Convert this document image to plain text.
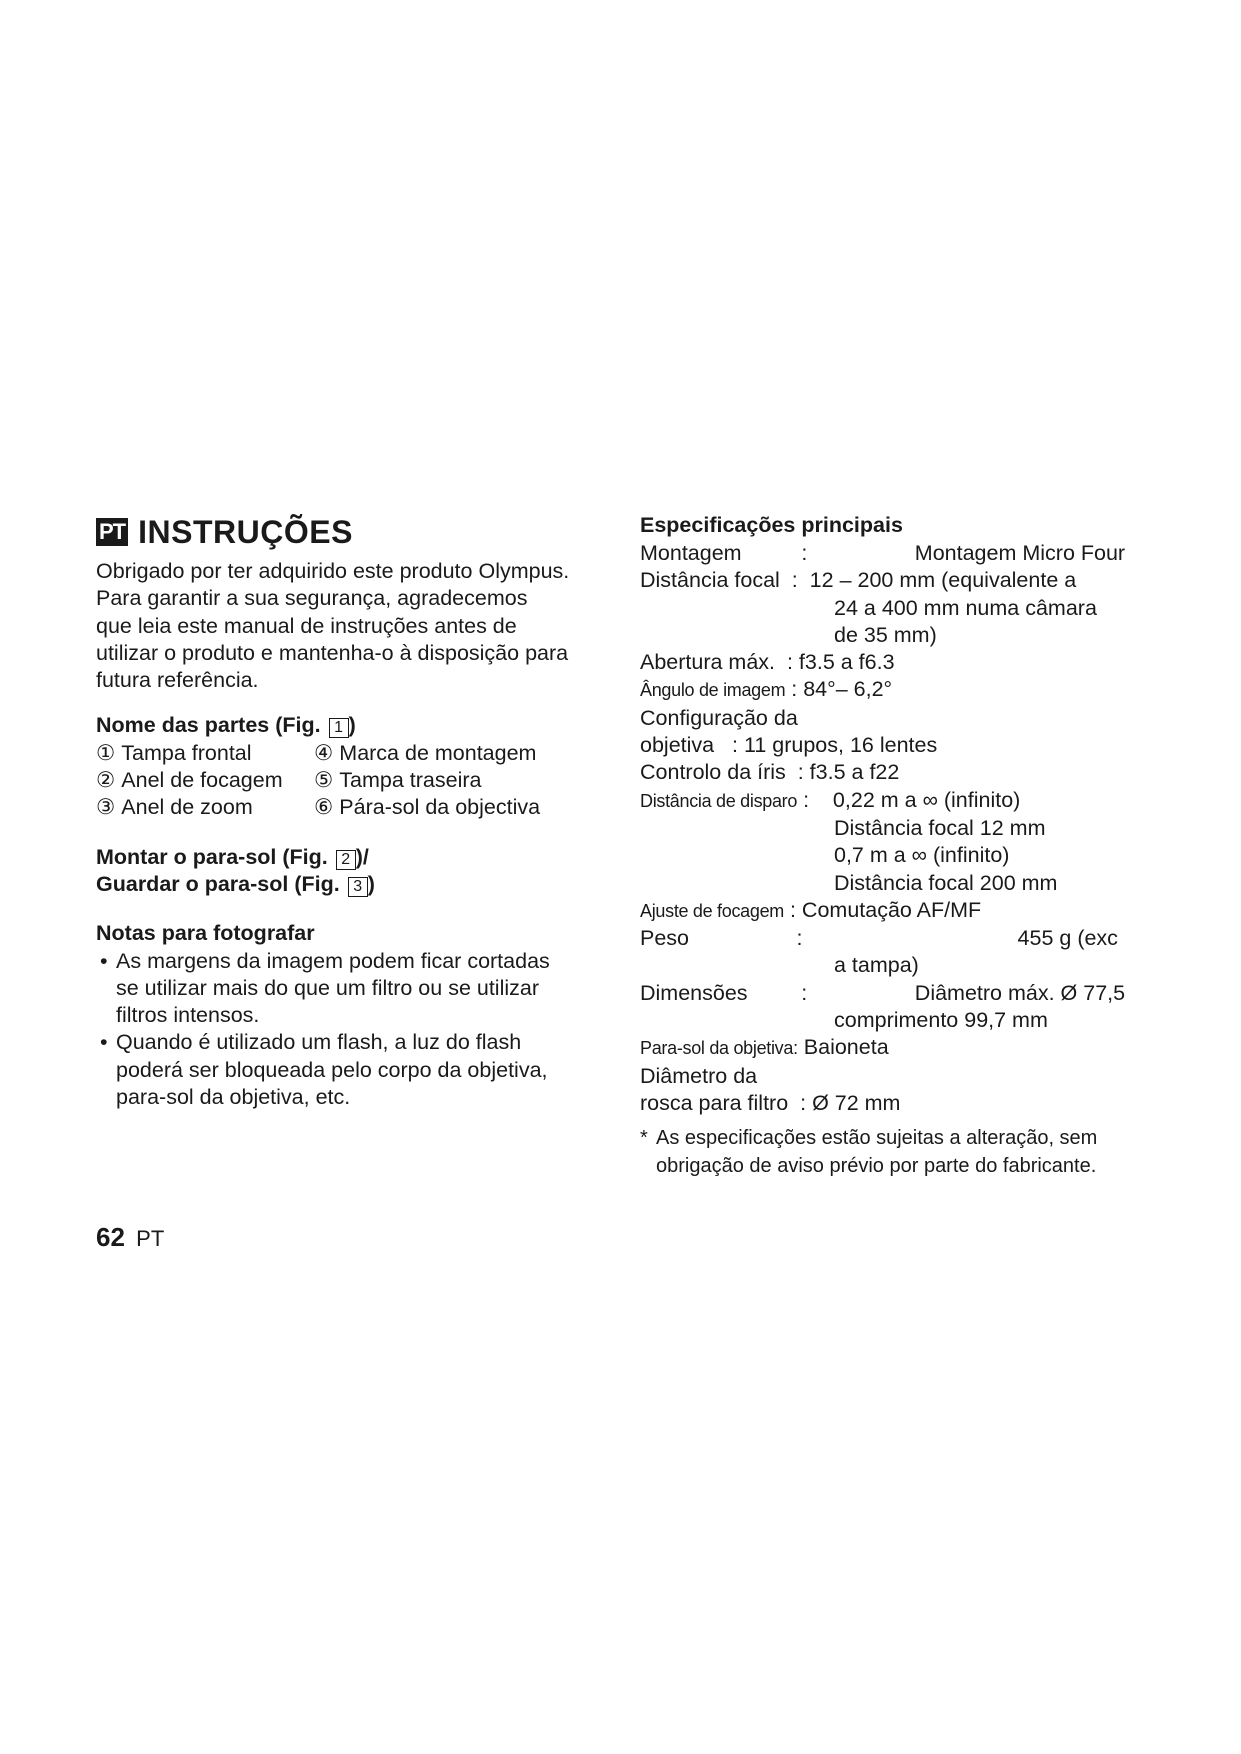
PT INSTRUÇÕES

Obrigado por ter adquirido este produto Olympus.

Para garantir a sua segurança, agradecemos

que leia este manual de instruções antes de

utilizar o produto e mantenha-o à disposição para

futura referência.

Nome das partes (Fig. 1 )

① Tampa frontal	④ Marca de montagem

② Anel de focagem	⑤ Tampa traseira

③ Anel de zoom	⑥ Pára-sol da objectiva

Montar o para-sol (Fig. 2 )/

Guardar o para-sol (Fig. 3 )

Notas para fotografar

• As margens da imagem podem ficar cortadas
se utilizar mais do que um filtro ou se utilizar
filtros intensos.
• Quando é utilizado um flash, a luz do flash
poderá ser bloqueada pelo corpo da objetiva,
para-sol da objetiva, etc.

Especificações principais

Montagem          :                  Montagem Micro Four

Distância focal  :  12 – 200 mm (equivalente a

24 a 400 mm numa câmara

de 35 mm)

Abertura máx.  : f3.5 a f6.3

Ângulo de imagem : 84°– 6,2°

Configuração da

objetiva   : 11 grupos, 16 lentes

Controlo da íris  : f3.5 a f22

Distância de disparo :    0,22 m a ∞ (infinito)

Distância focal 12 mm

0,7 m a ∞ (infinito)

Distância focal 200 mm

Ajuste de focagem : Comutação AF/MF

Peso                  :                                    455 g (exc

a tampa)

Dimensões         :                  Diâmetro máx. Ø 77,5

comprimento 99,7 mm

Para-sol da objetiva: Baioneta

Diâmetro da

rosca para filtro  : Ø 72 mm

* As especificações estão sujeitas a alteração, sem
obrigação de aviso prévio por parte do fabricante.
62 PT
